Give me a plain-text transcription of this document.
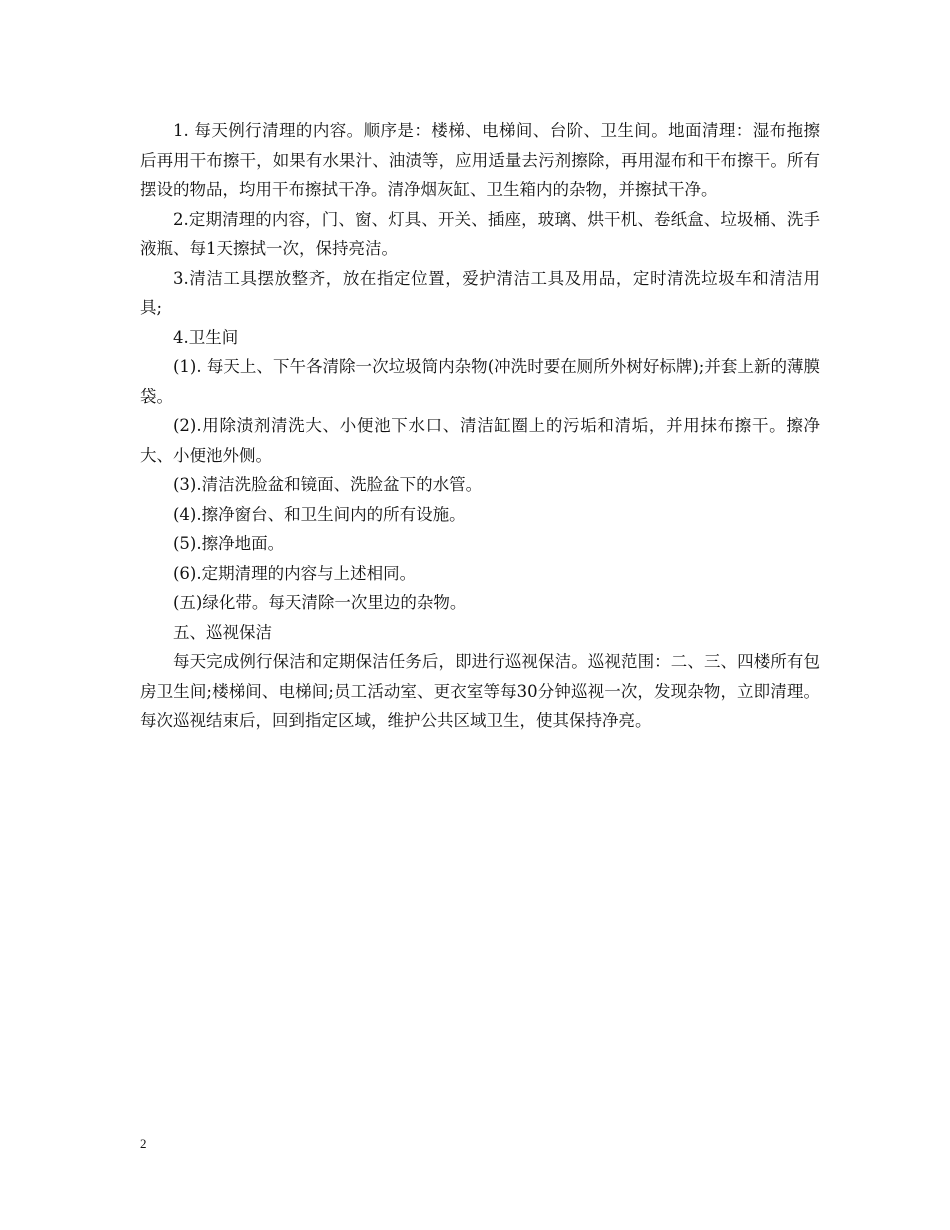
1. 每天例行清理的内容。顺序是：楼梯、电梯间、台阶、卫生间。地面清理：湿布拖擦后再用干布擦干，如果有水果汁、油渍等，应用适量去污剂擦除，再用湿布和干布擦干。所有摆设的物品，均用干布擦拭干净。清净烟灰缸、卫生箱内的杂物，并擦拭干净。

2.定期清理的内容，门、窗、灯具、开关、插座，玻璃、烘干机、卷纸盒、垃圾桶、洗手液瓶、每1天擦拭一次，保持亮洁。

3.清洁工具摆放整齐，放在指定位置，爱护清洁工具及用品，定时清洗垃圾车和清洁用具;

4.卫生间

(1). 每天上、下午各清除一次垃圾筒内杂物(冲洗时要在厕所外树好标牌);并套上新的薄膜袋。

(2).用除渍剂清洗大、小便池下水口、清洁缸圈上的污垢和清垢，并用抹布擦干。擦净大、小便池外侧。

(3).清洁洗脸盆和镜面、洗脸盆下的水管。

(4).擦净窗台、和卫生间内的所有设施。

(5).擦净地面。

(6).定期清理的内容与上述相同。

(五)绿化带。每天清除一次里边的杂物。

五、巡视保洁

每天完成例行保洁和定期保洁任务后，即进行巡视保洁。巡视范围：二、三、四楼所有包房卫生间;楼梯间、电梯间;员工活动室、更衣室等每30分钟巡视一次，发现杂物，立即清理。每次巡视结束后，回到指定区域，维护公共区域卫生，使其保持净亮。

2
